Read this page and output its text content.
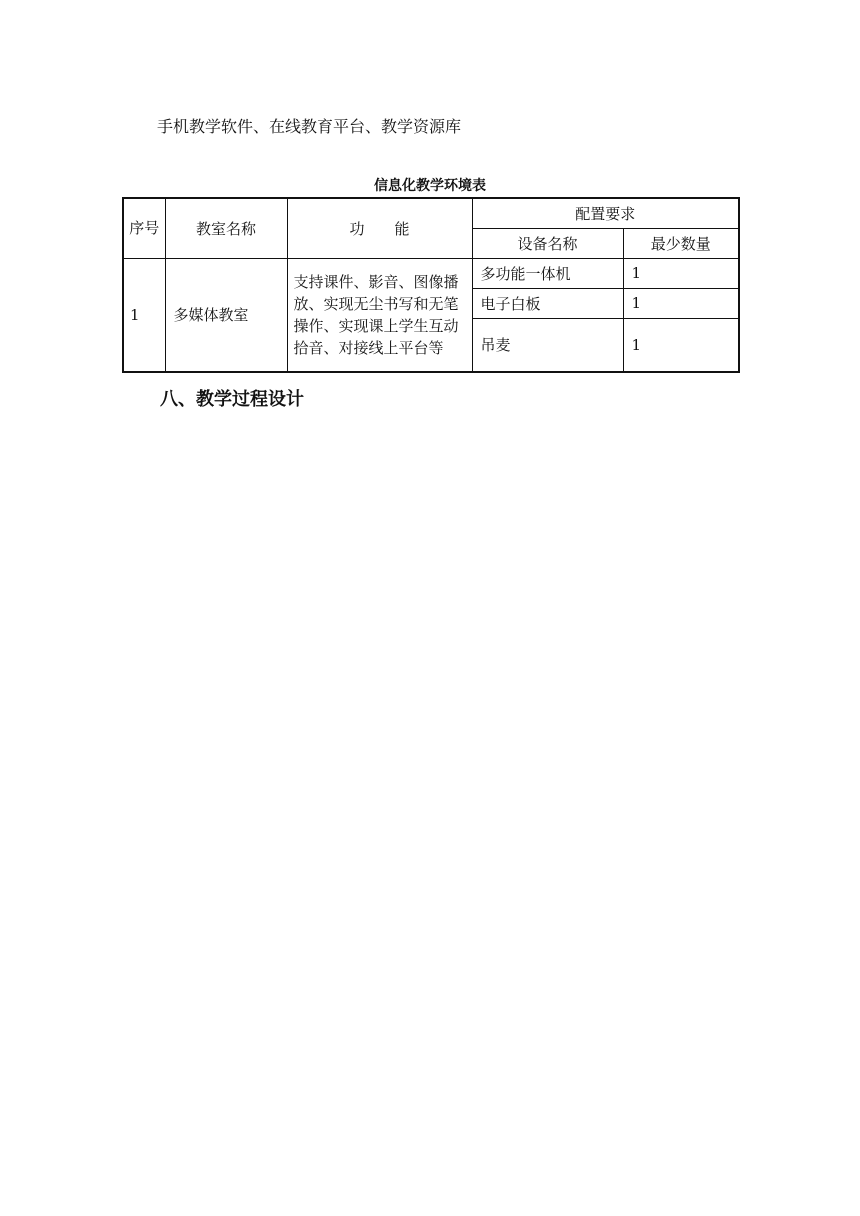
手机教学软件、在线教育平台、教学资源库
信息化教学环境表
序号	教室名称	功　　能	配置要求	
			设备名称	最少数量
1	多媒体教室	支持课件、影音、图像播放、实现无尘书写和无笔操作、实现课上学生互动拾音、对接线上平台等	多功能一体机	1
			电子白板	1
			吊麦	1
八、教学过程设计
